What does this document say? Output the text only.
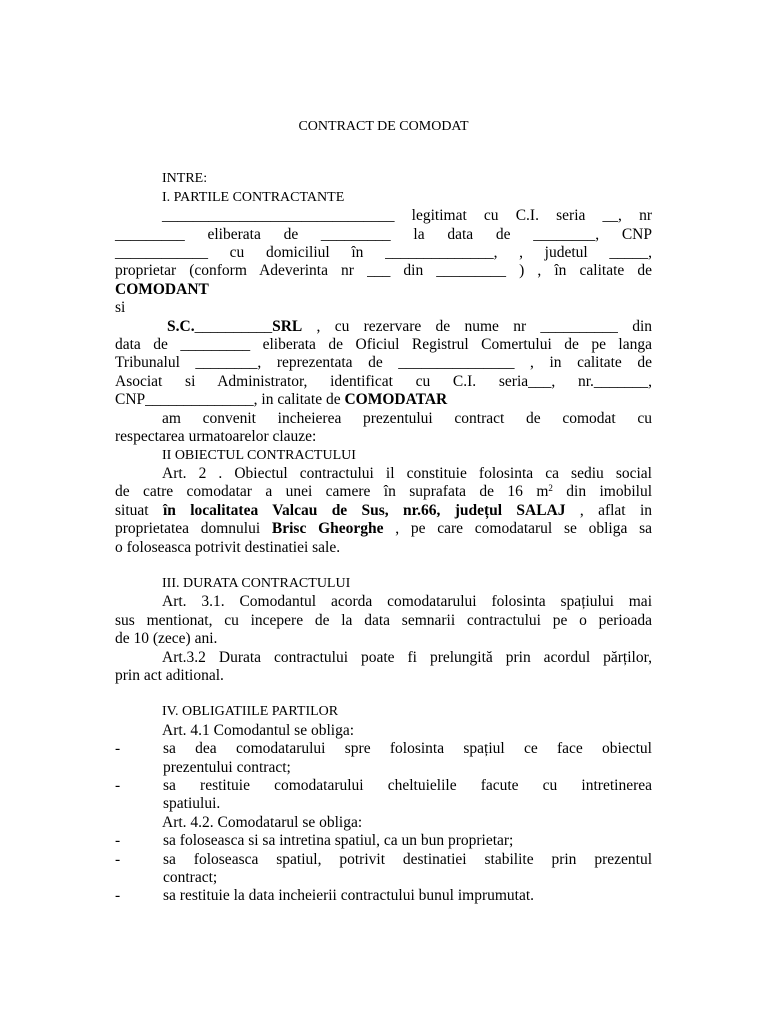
CONTRACT DE COMODAT
INTRE:
I. PARTILE CONTRACTANTE
______________________________ legitimat cu C.I. seria __, nr
_________ eliberata de _________ la data de ________, CNP
____________ cu domiciliul în ______________, , judetul _____,
proprietar (conform Adeverinta nr ___ din _________ ) , în calitate de
COMODANT
si
S.C.__________SRL , cu rezervare de nume nr __________ din
data de _________ eliberata de Oficiul Registrul Comertului de pe langa
Tribunalul ________, reprezentata de _______________ , in calitate de
Asociat si Administrator, identificat cu C.I. seria___, nr._______,
CNP______________, in calitate de COMODATAR
am convenit incheierea prezentului contract de comodat cu
respectarea urmatoarelor clauze:
II OBIECTUL CONTRACTULUI
Art. 2 . Obiectul contractului il constituie folosinta ca sediu social
de catre comodatar a unei camere în suprafata de 16 $m^2$ din imobilul
situat în localitatea Valcau de Sus, nr.66, județul SALAJ , aflat in
proprietatea domnului Brisc Gheorghe , pe care comodatarul se obliga sa
o foloseasca potrivit destinatiei sale.
III. DURATA CONTRACTULUI
Art. 3.1. Comodantul acorda comodatarului folosinta spațiului mai
sus mentionat, cu incepere de la data semnarii contractului pe o perioada
de 10 (zece) ani.
Art.3.2 Durata contractului poate fi prelungită prin acordul părților,
prin act aditional.
IV. OBLIGATIILE PARTILOR
Art. 4.1 Comodantul se obliga:
-	sa dea comodatarului spre folosinta spațiul ce face obiectul
prezentului contract;
-	sa restituie comodatarului cheltuielile facute cu intretinerea
spatiului.
Art. 4.2. Comodatarul se obliga:
-	sa foloseasca si sa intretina spatiul, ca un bun proprietar;
-	sa foloseasca spatiul, potrivit destinatiei stabilite prin prezentul
contract;
-	sa restituie la data incheierii contractului bunul imprumutat.
